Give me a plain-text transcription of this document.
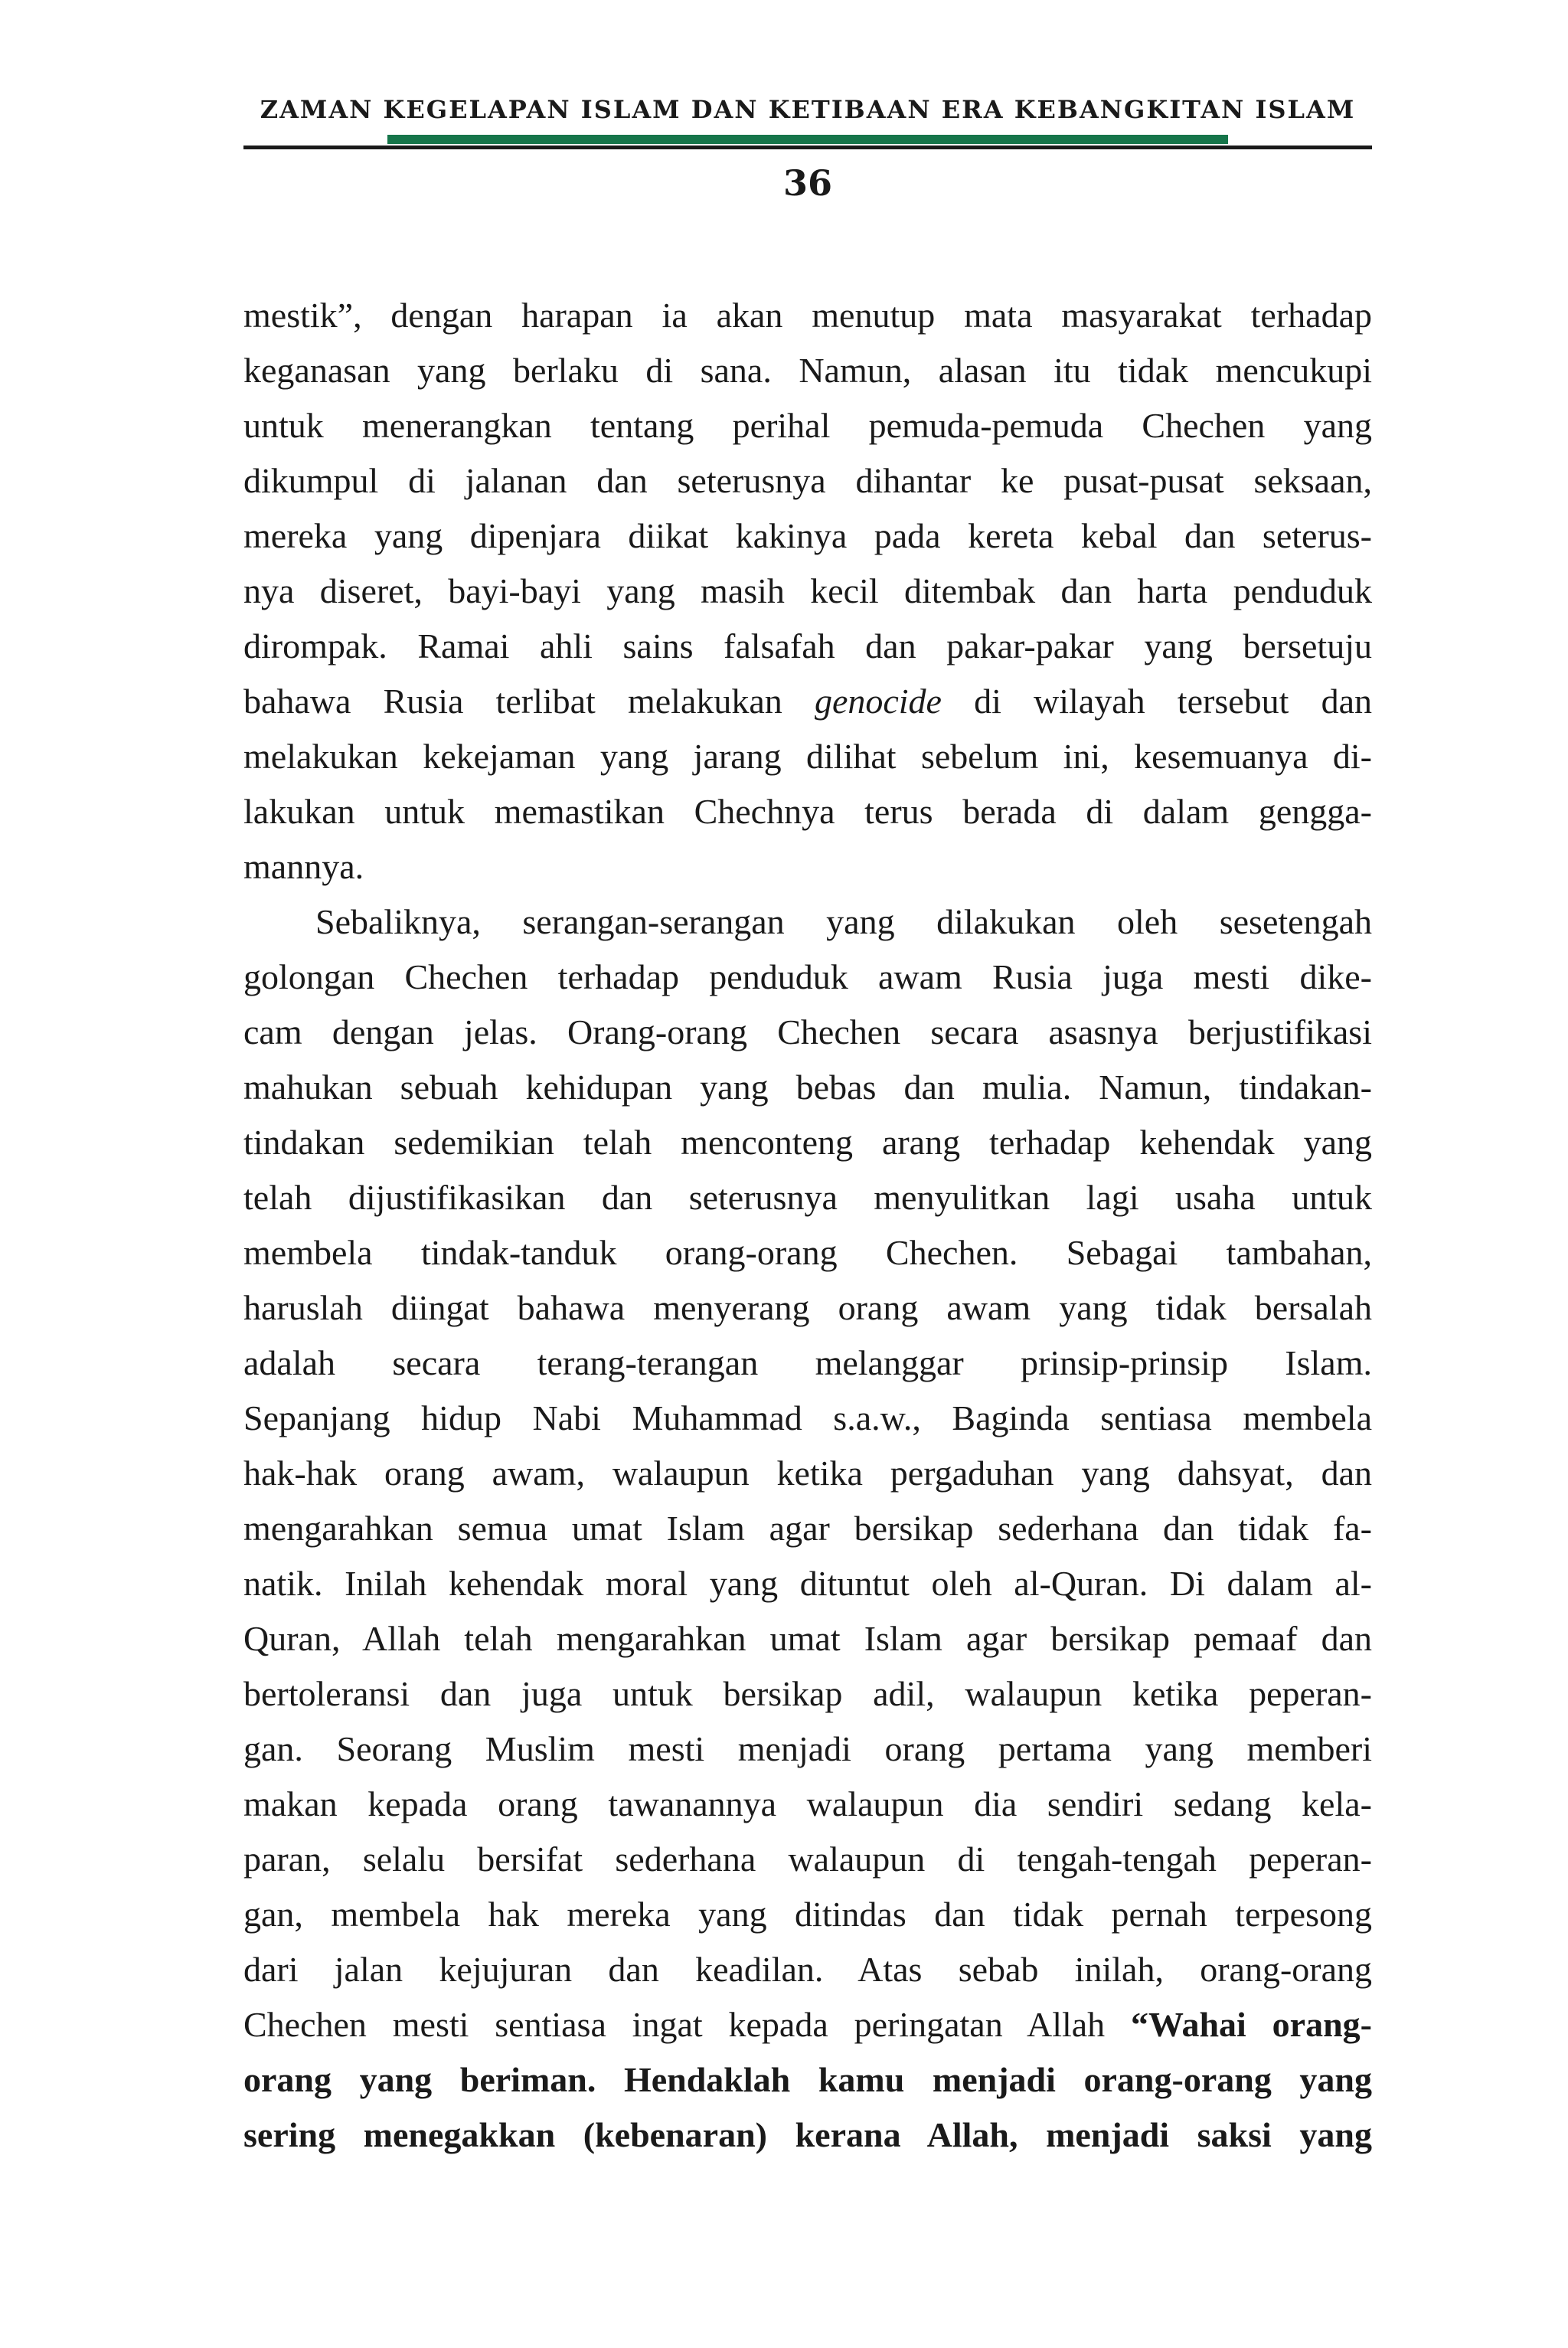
ZAMAN KEGELAPAN ISLAM DAN KETIBAAN ERA KEBANGKITAN ISLAM
36
mestik”, dengan harapan ia akan menutup mata masyarakat terhadap
keganasan yang berlaku di sana. Namun, alasan itu tidak mencukupi
untuk menerangkan tentang perihal pemuda-pemuda Chechen yang
dikumpul di jalanan dan seterusnya dihantar ke pusat-pusat seksaan,
mereka yang dipenjara diikat kakinya pada kereta kebal dan seterus-
nya diseret, bayi-bayi yang masih kecil ditembak dan harta penduduk
dirompak. Ramai ahli sains falsafah dan pakar-pakar yang bersetuju
bahawa Rusia terlibat melakukan genocide di wilayah tersebut dan
melakukan kekejaman yang jarang dilihat sebelum ini, kesemuanya di-
lakukan untuk memastikan Chechnya terus berada di dalam gengga-
mannya.
Sebaliknya, serangan-serangan yang dilakukan oleh sesetengah
golongan Chechen terhadap penduduk awam Rusia juga mesti dike-
cam dengan jelas. Orang-orang Chechen secara asasnya berjustifikasi
mahukan sebuah kehidupan yang bebas dan mulia. Namun, tindakan-
tindakan sedemikian telah menconteng arang terhadap kehendak yang
telah dijustifikasikan dan seterusnya menyulitkan lagi usaha untuk
membela tindak-tanduk orang-orang Chechen. Sebagai tambahan,
haruslah diingat bahawa menyerang orang awam yang tidak bersalah
adalah secara terang-terangan melanggar prinsip-prinsip Islam.
Sepanjang hidup Nabi Muhammad s.a.w., Baginda sentiasa membela
hak-hak orang awam, walaupun ketika pergaduhan yang dahsyat, dan
mengarahkan semua umat Islam agar bersikap sederhana dan tidak fa-
natik. Inilah kehendak moral yang dituntut oleh al-Quran. Di dalam al-
Quran, Allah telah mengarahkan umat Islam agar bersikap pemaaf dan
bertoleransi dan juga untuk bersikap adil, walaupun ketika peperan-
gan. Seorang Muslim mesti menjadi orang pertama yang memberi
makan kepada orang tawanannya walaupun dia sendiri sedang kela-
paran, selalu bersifat sederhana walaupun di tengah-tengah peperan-
gan, membela hak mereka yang ditindas dan tidak pernah terpesong
dari jalan kejujuran dan keadilan. Atas sebab inilah, orang-orang
Chechen mesti sentiasa ingat kepada peringatan Allah “Wahai orang-
orang yang beriman. Hendaklah kamu menjadi orang-orang yang
sering menegakkan (kebenaran) kerana Allah, menjadi saksi yang
